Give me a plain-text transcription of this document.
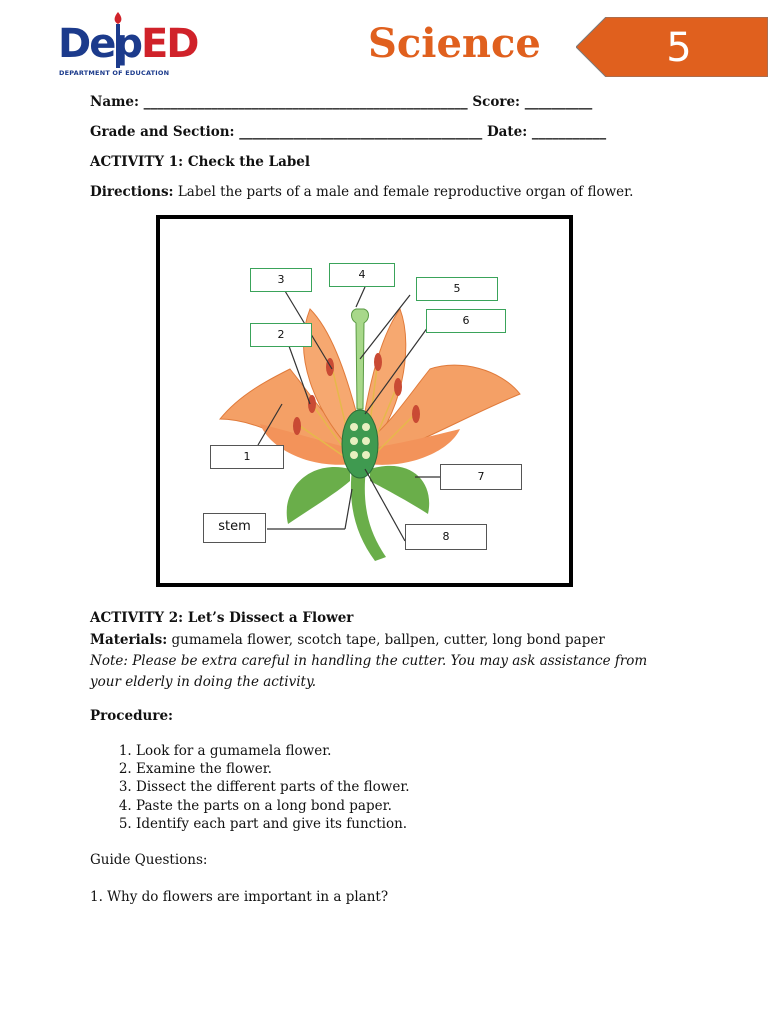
DepED
DEPARTMENT OF EDUCATION
Science	5
Name: ________________________________________________ Score: __________
Grade and Section: ____________________________________ Date: ___________
ACTIVITY 1: Check the Label
Directions: Label the parts of a male and female reproductive organ of flower.
3	4
5
6
2
1
7
stem
8
ACTIVITY 2: Let’s Dissect a Flower
Materials: gumamela flower, scotch tape, ballpen, cutter, long bond paper
Note: Please be extra careful in handling the cutter. You may ask assistance from
your elderly in doing the activity.
Procedure:
1. Look for a gumamela flower.
2. Examine the flower.
3. Dissect the different parts of the flower.
4. Paste the parts on a long bond paper.
5. Identify each part and give its function.
Guide Questions:
1. Why do flowers are important in a plant?
